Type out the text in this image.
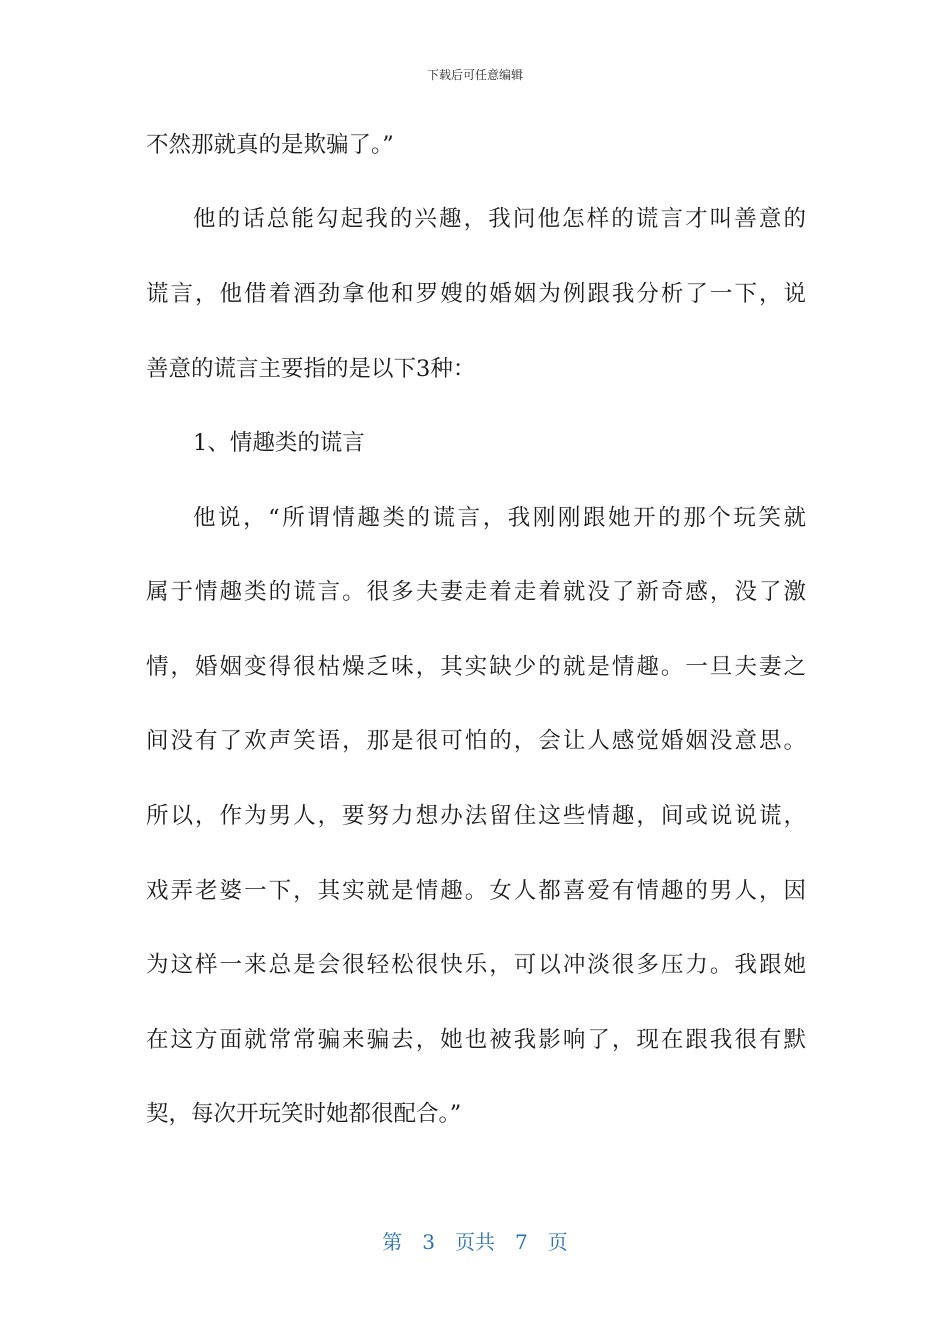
下载后可任意编辑
不然那就真的是欺骗了。”
他的话总能勾起我的兴趣，我问他怎样的谎言才叫善意的
谎言，他借着酒劲拿他和罗嫂的婚姻为例跟我分析了一下，说
善意的谎言主要指的是以下3种：
1、情趣类的谎言
他说，“所谓情趣类的谎言，我刚刚跟她开的那个玩笑就
属于情趣类的谎言。很多夫妻走着走着就没了新奇感，没了激
情，婚姻变得很枯燥乏味，其实缺少的就是情趣。一旦夫妻之
间没有了欢声笑语，那是很可怕的，会让人感觉婚姻没意思。
所以，作为男人，要努力想办法留住这些情趣，间或说说谎，
戏弄老婆一下，其实就是情趣。女人都喜爱有情趣的男人，因
为这样一来总是会很轻松很快乐，可以冲淡很多压力。我跟她
在这方面就常常骗来骗去，她也被我影响了，现在跟我很有默
契，每次开玩笑时她都很配合。”
第 3 页共 7 页
